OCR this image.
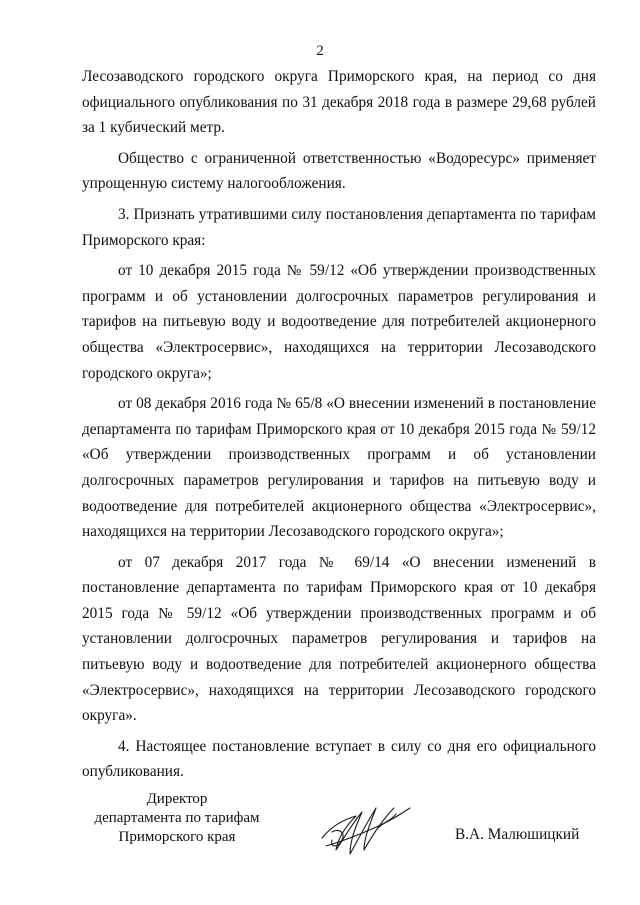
2

Лесозаводского городского округа Приморского края, на период со дня официального опубликования по 31 декабря 2018 года в размере 29,68 рублей за 1 кубический метр.

Общество с ограниченной ответственностью «Водоресурс» применяет упрощенную систему налогообложения.

3. Признать утратившими силу постановления департамента по тарифам Приморского края:

от 10 декабря 2015 года № 59/12 «Об утверждении производственных программ и об установлении долгосрочных параметров регулирования и тарифов на питьевую воду и водоотведение для потребителей акционерного общества «Электросервис», находящихся на территории Лесозаводского городского округа»;

от 08 декабря 2016 года № 65/8 «О внесении изменений в постановление департамента по тарифам Приморского края от 10 декабря 2015 года № 59/12 «Об утверждении производственных программ и об установлении долгосрочных параметров регулирования и тарифов на питьевую воду и водоотведение для потребителей акционерного общества «Электросервис», находящихся на территории Лесозаводского городского округа»;

от 07 декабря 2017 года № 69/14 «О внесении изменений в постановление департамента по тарифам Приморского края от 10 декабря 2015 года № 59/12 «Об утверждении производственных программ и об установлении долгосрочных параметров регулирования и тарифов на питьевую воду и водоотведение для потребителей акционерного общества «Электросервис», находящихся на территории Лесозаводского городского округа».

4. Настоящее постановление вступает в силу со дня его официального опубликования.

Директор
департамента по тарифам
Приморского края	В.А. Малюшицкий
